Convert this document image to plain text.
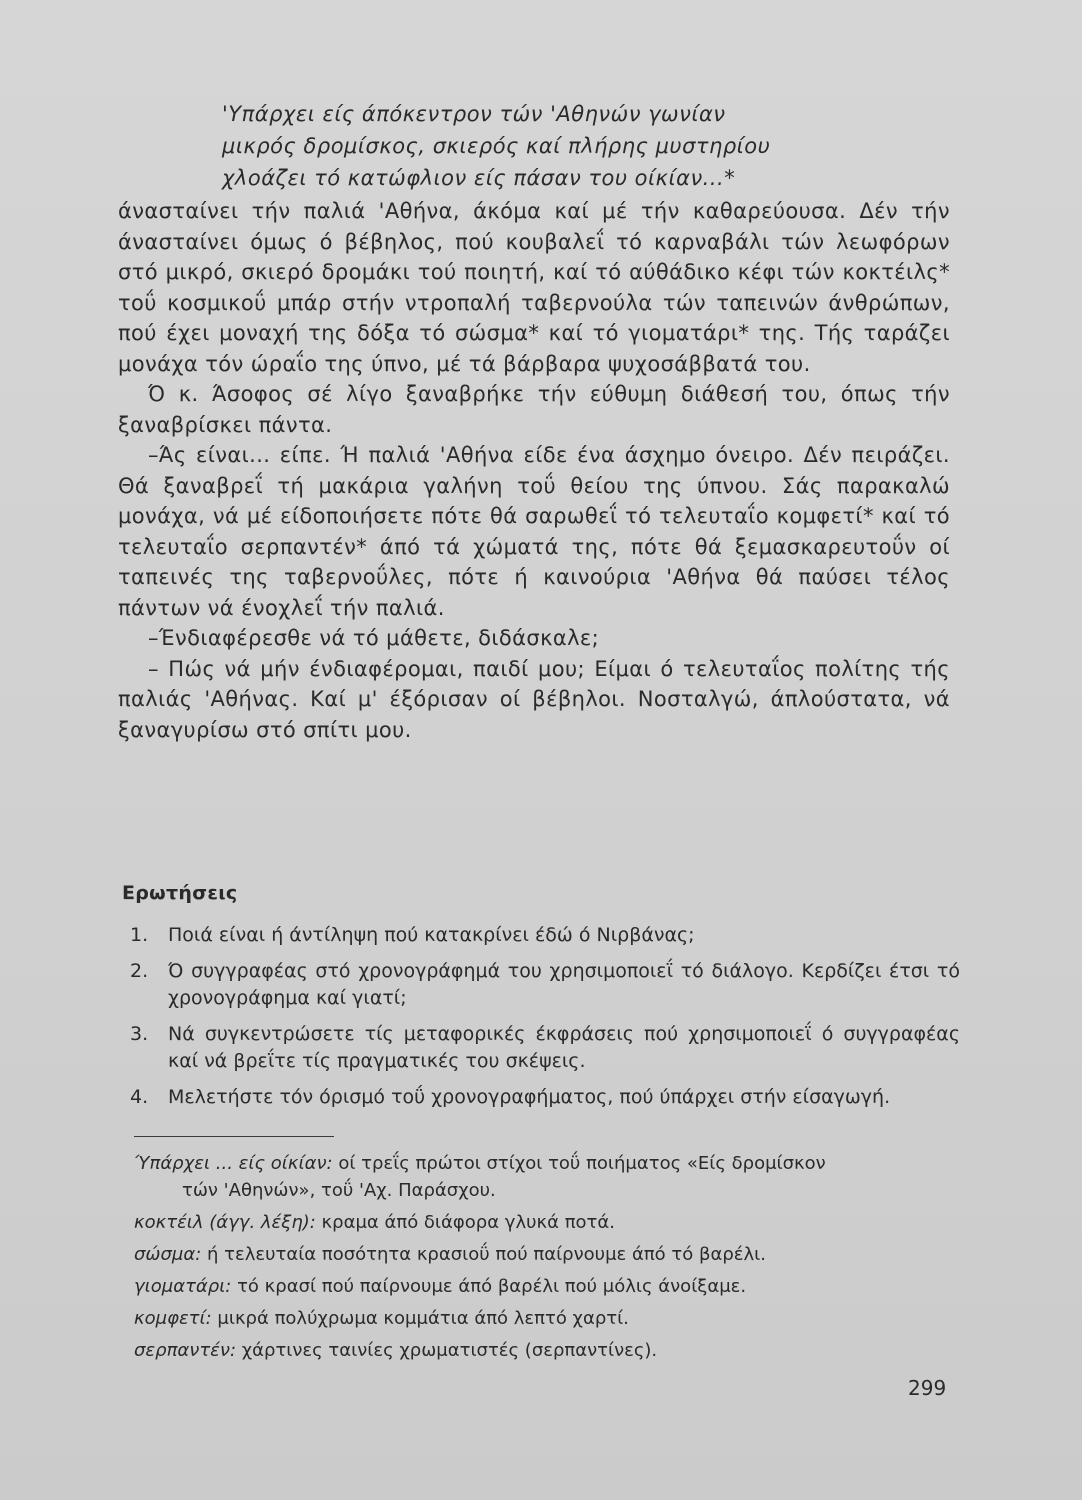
'Υπάρχει είς άπόκεντρον τών 'Αθηνών γωνίαν
μικρός δρομίσκος, σκιερός καί πλήρης μυστηρίου
χλοάζει τό κατώφλιον είς πάσαν του οίκίαν...*

άνασταίνει τήν παλιά 'Αθήνα, άκόμα καί μέ τήν καθαρεύουσα. Δέν τήν άνασταίνει όμως ό βέβηλος, πού κουβαλεΐ τό καρναβάλι τών λεωφόρων στό μικρό, σκιερό δρομάκι τού ποιητή, καί τό αύθάδικο κέφι τών κοκτέιλς* τοΰ κοσμικοΰ μπάρ στήν ντροπαλή ταβερνούλα τών ταπεινών άνθρώπων, πού έχει μοναχή της δόξα τό σώσμα* καί τό γιοματάρι* της. Τής ταράζει μονάχα τόν ώραΐο της ύπνο, μέ τά βάρβαρα ψυχοσάββατά του.

Ό κ. Άσοφος σέ λίγο ξαναβρήκε τήν εύθυμη διάθεσή του, όπως τήν ξαναβρίσκει πάντα.

–Άς είναι... είπε. Ή παλιά 'Αθήνα είδε ένα άσχημο όνειρο. Δέν πειράζει. Θά ξαναβρεΐ τή μακάρια γαλήνη τοΰ θείου της ύπνου. Σάς παρακαλώ μονάχα, νά μέ είδοποιήσετε πότε θά σαρωθεΐ τό τελευταΐο κομφετί* καί τό τελευταΐο σερπαντέν* άπό τά χώματά της, πότε θά ξεμασκαρευτοΰν οί ταπεινές της ταβερνοΰλες, πότε ή καινούρια 'Αθήνα θά παύσει τέλος πάντων νά ένοχλεΐ τήν παλιά.

–Ένδιαφέρεσθε νά τό μάθετε, διδάσκαλε;

– Πώς νά μήν ένδιαφέρομαι, παιδί μου; Είμαι ό τελευταΐος πολίτης τής παλιάς 'Αθήνας. Καί μ' έξόρισαν οί βέβηλοι. Νοσταλγώ, άπλούστατα, νά ξαναγυρίσω στό σπίτι μου.

Ερωτήσεις
1.	Ποιά είναι ή άντίληψη πού κατακρίνει έδώ ό Νιρβάνας;
2.	Ό συγγραφέας στό χρονογράφημά του χρησιμοποιεΐ τό διάλογο. Κερδίζει έτσι τό χρονογράφημα καί γιατί;
3.	Νά συγκεντρώσετε τίς μεταφορικές έκφράσεις πού χρησιμοποιεΐ ό συγγραφέας καί νά βρεΐτε τίς πραγματικές του σκέψεις.
4.	Μελετήστε τόν όρισμό τοΰ χρονογραφήματος, πού ύπάρχει στήν είσαγωγή.

Ύπάρχει ... είς οίκίαν: οί τρεΐς πρώτοι στίχοι τοΰ ποιήματος «Είς δρομίσκον
τών 'Αθηνών», τοΰ 'Αχ. Παράσχου.

κοκτέιλ (άγγ. λέξη): κραμα άπό διάφορα γλυκά ποτά.

σώσμα: ή τελευταία ποσότητα κρασιοΰ πού παίρνουμε άπό τό βαρέλι.

γιοματάρι: τό κρασί πού παίρνουμε άπό βαρέλι πού μόλις άνοίξαμε.

κομφετί: μικρά πολύχρωμα κομμάτια άπό λεπτό χαρτί.

σερπαντέν: χάρτινες ταινίες χρωματιστές (σερπαντίνες).

299
